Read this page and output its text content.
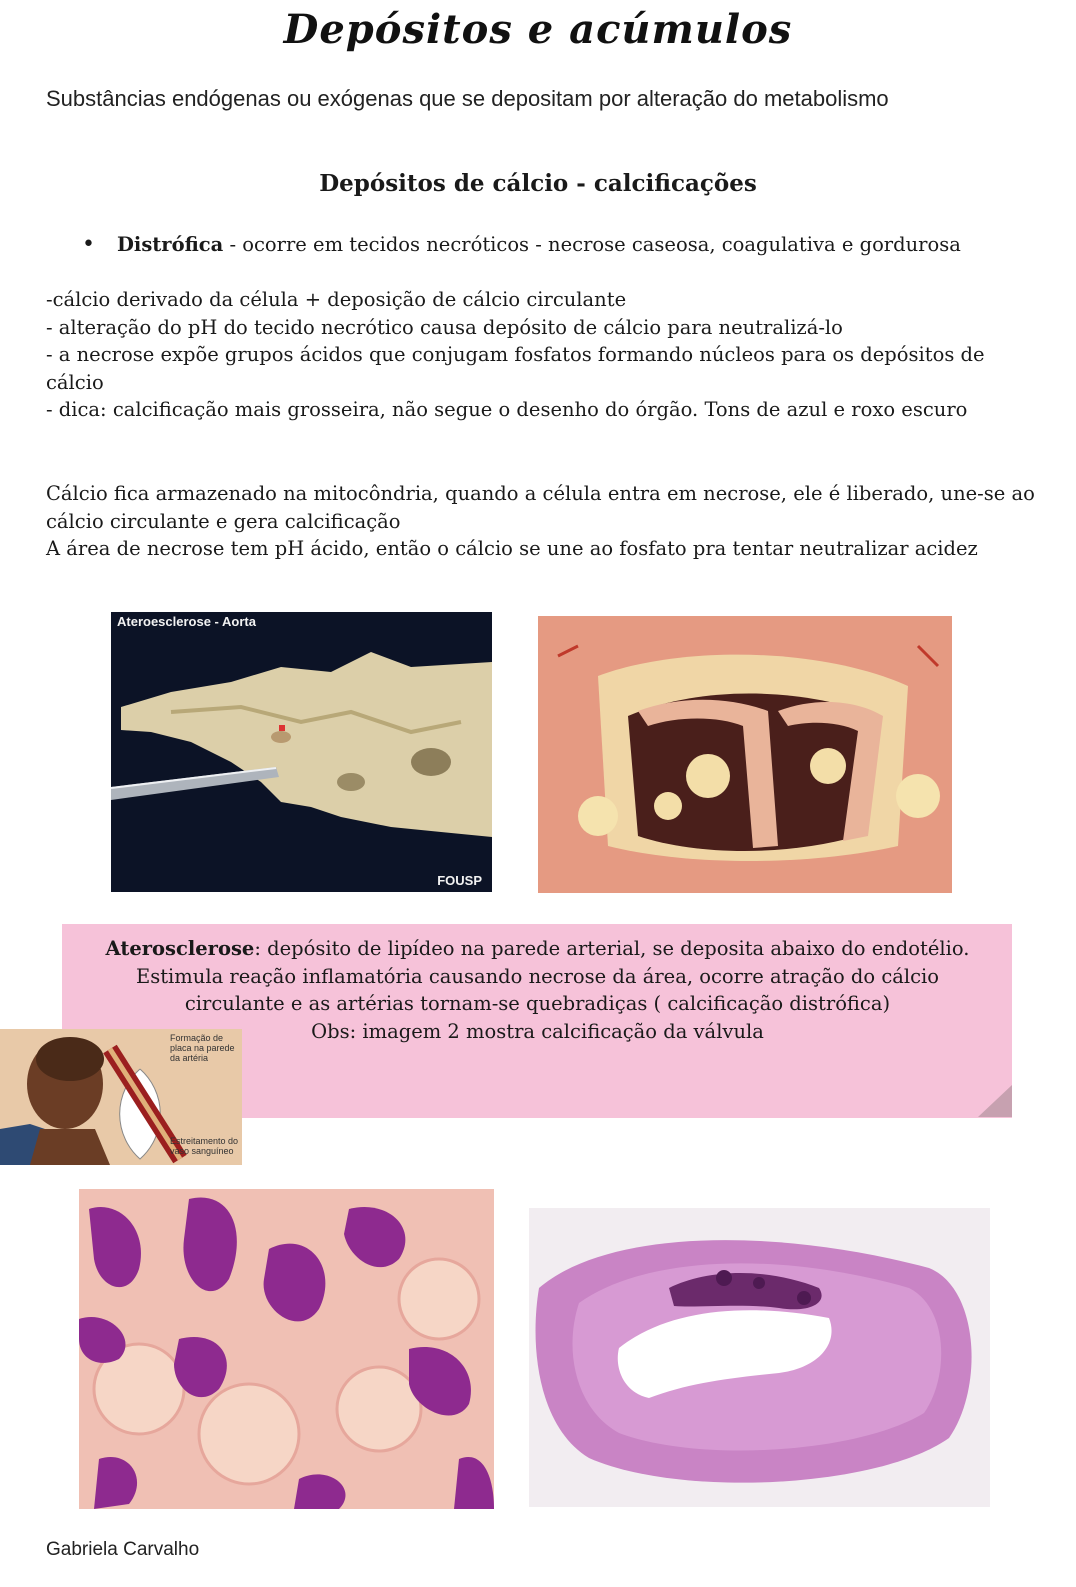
Depósitos e acúmulos
Substâncias endógenas ou exógenas que se depositam por alteração do metabolismo
Depósitos de cálcio - calcificações
• Distrófica - ocorre em tecidos necróticos - necrose caseosa, coagulativa e gordurosa
-cálcio derivado da célula + deposição de cálcio circulante
- alteração do pH do tecido necrótico causa depósito de cálcio para neutralizá-lo
- a necrose expõe grupos ácidos que conjugam fosfatos formando núcleos para os depósitos de cálcio
- dica: calcificação mais grosseira, não segue o desenho do órgão. Tons de azul e roxo escuro
Cálcio fica armazenado na mitocôndria, quando a célula entra em necrose, ele é liberado, une-se ao cálcio circulante e gera calcificação
A área de necrose tem pH ácido, então o cálcio se une ao fosfato pra tentar neutralizar acidez
Ateroesclerose - Aorta
FOUSP
Aterosclerose: depósito de lipídeo na parede arterial, se deposita abaixo do endotélio. Estimula reação inflamatória causando necrose da área, ocorre atração do cálcio circulante e as artérias tornam-se quebradiças ( calcificação distrófica)
Obs: imagem 2 mostra calcificação da válvula
Formação de placa na parede da artéria
Estreitamento do vaso sanguíneo
Gabriela Carvalho
